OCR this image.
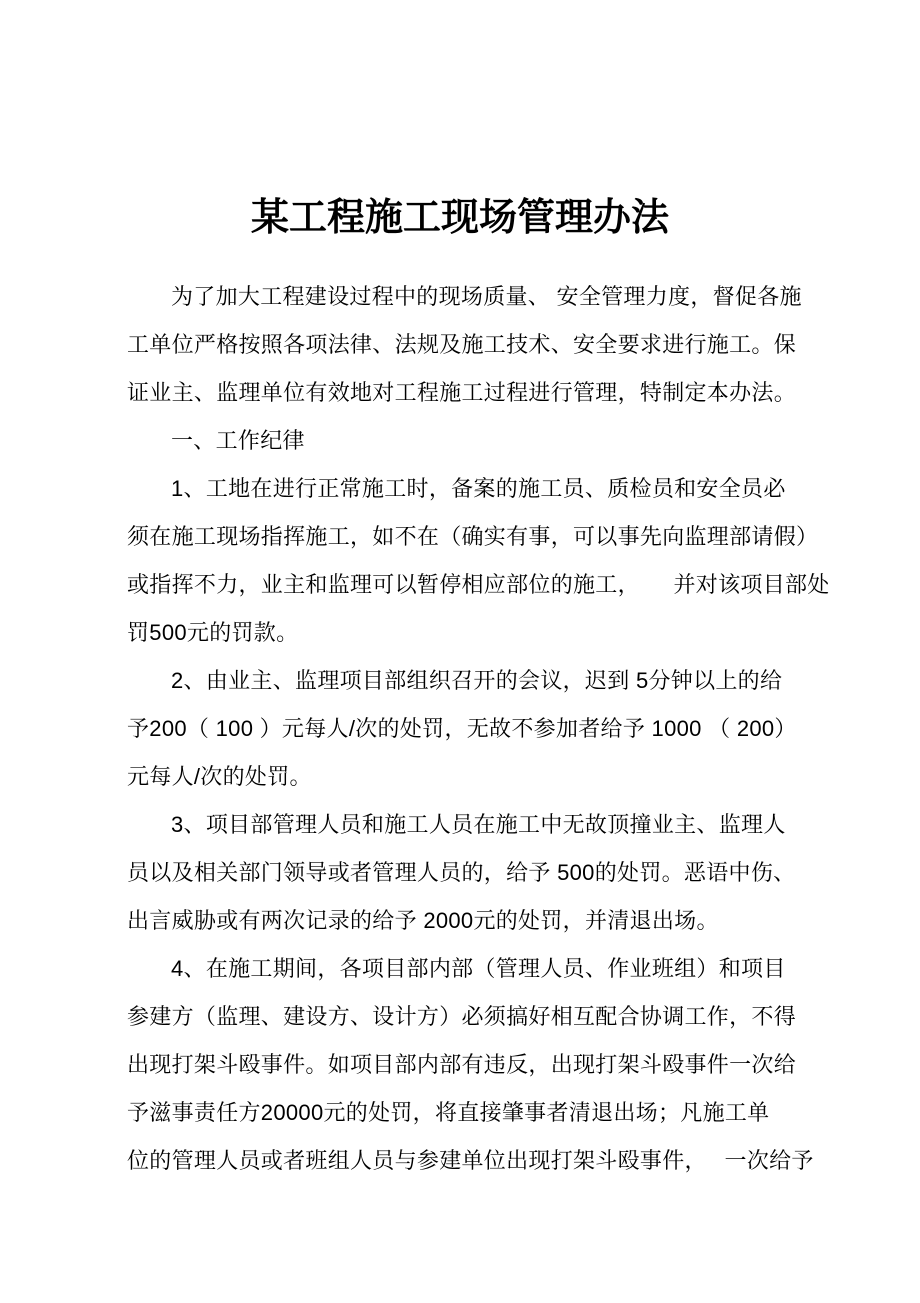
某工程施工现场管理办法
为了加大工程建设过程中的现场质量、 安全管理力度，督促各施
工单位严格按照各项法律、法规及施工技术、安全要求进行施工。保
证业主、监理单位有效地对工程施工过程进行管理，特制定本办法。
一、工作纪律
1、工地在进行正常施工时，备案的施工员、质检员和安全员必
须在施工现场指挥施工，如不在（确实有事，可以事先向监理部请假）
或指挥不力，业主和监理可以暂停相应部位的施工，　　并对该项目部处
罚500元的罚款。
2、由业主、监理项目部组织召开的会议，迟到 5分钟以上的给
予200（ 100 ）元每人/次的处罚，无故不参加者给予 1000 （ 200）
元每人/次的处罚。
3、项目部管理人员和施工人员在施工中无故顶撞业主、监理人
员以及相关部门领导或者管理人员的，给予 500的处罚。恶语中伤、
出言威胁或有两次记录的给予 2000元的处罚，并清退出场。
4、在施工期间，各项目部内部（管理人员、作业班组）和项目
参建方（监理、建设方、设计方）必须搞好相互配合协调工作，不得
出现打架斗殴事件。如项目部内部有违反，出现打架斗殴事件一次给
予滋事责任方20000元的处罚，将直接肇事者清退出场；凡施工单
位的管理人员或者班组人员与参建单位出现打架斗殴事件，　 一次给予
